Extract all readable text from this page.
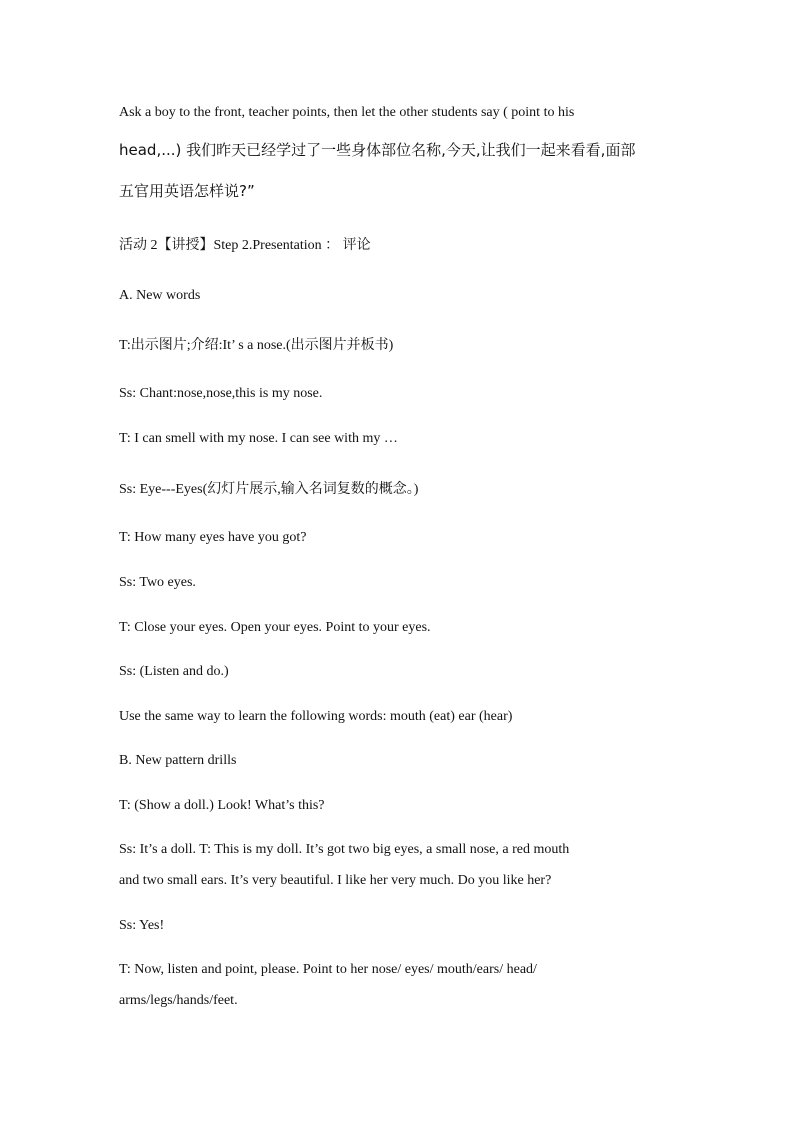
Ask a boy to the front, teacher points, then let the other students say ( point to his
head,...) 我们昨天已经学过了一些身体部位名称,今天,让我们一起来看看,面部
五官用英语怎样说?”
活动 2【讲授】Step 2.Presentation ： 评论
A. New words
T:出示图片;介绍:It’ s a nose.(出示图片并板书)
Ss: Chant:nose,nose,this is my nose.
T: I can smell with my nose. I can see with my …
Ss: Eye---Eyes(幻灯片展示,输入名词复数的概念。)
T: How many eyes have you got?
Ss: Two eyes.
T: Close your eyes. Open your eyes. Point to your eyes.
Ss: (Listen and do.)
Use the same way to learn the following words: mouth (eat) ear (hear)
B. New pattern drills
T: (Show a doll.) Look! What’s this?
Ss: It’s a doll. T: This is my doll. It’s got two big eyes, a small nose, a red mouth
and two small ears. It’s very beautiful. I like her very much. Do you like her?
Ss: Yes!
T: Now, listen and point, please. Point to her nose/ eyes/ mouth/ears/ head/
arms/legs/hands/feet.
